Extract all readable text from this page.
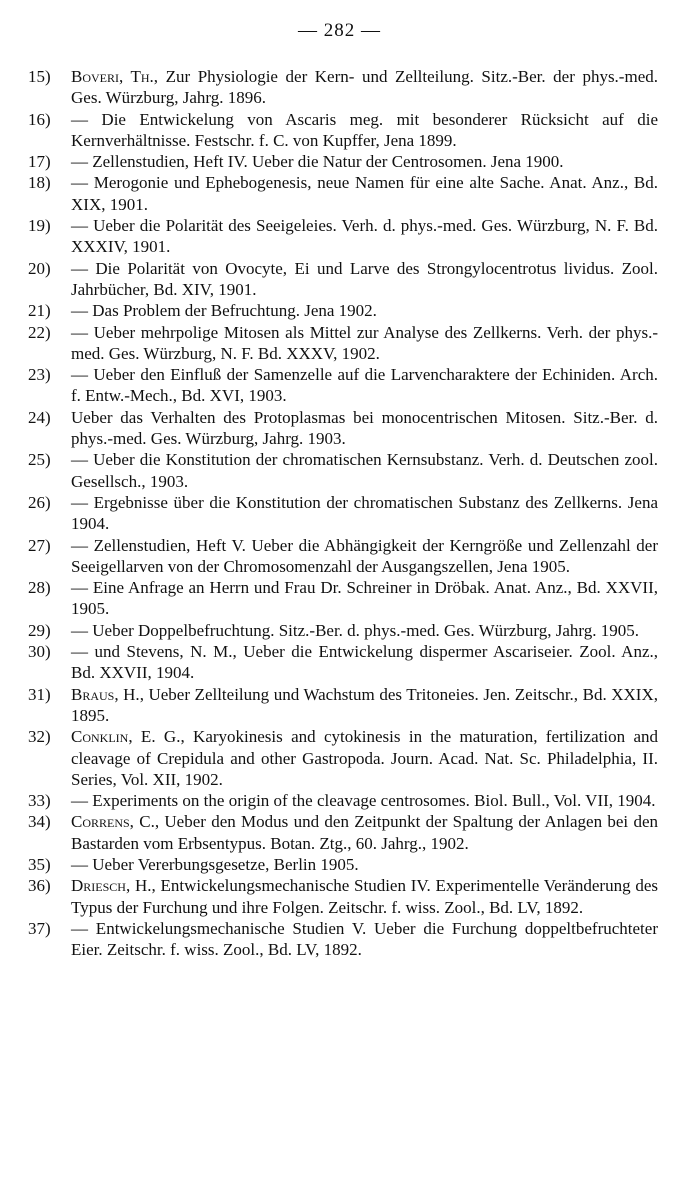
— 282 —
15)	Boveri, Th., Zur Physiologie der Kern- und Zellteilung. Sitz.-Ber. der phys.-med. Ges. Würzburg, Jahrg. 1896.
16)	— Die Entwickelung von Ascaris meg. mit besonderer Rücksicht auf die Kernverhältnisse. Festschr. f. C. von Kupffer, Jena 1899.
17)	— Zellenstudien, Heft IV. Ueber die Natur der Centrosomen. Jena 1900.
18)	— Merogonie und Ephebogenesis, neue Namen für eine alte Sache. Anat. Anz., Bd. XIX, 1901.
19)	— Ueber die Polarität des Seeigeleies. Verh. d. phys.-med. Ges. Würzburg, N. F. Bd. XXXIV, 1901.
20)	— Die Polarität von Ovocyte, Ei und Larve des Strongylocentrotus lividus. Zool. Jahrbücher, Bd. XIV, 1901.
21)	— Das Problem der Befruchtung. Jena 1902.
22)	— Ueber mehrpolige Mitosen als Mittel zur Analyse des Zellkerns. Verh. der phys.-med. Ges. Würzburg, N. F. Bd. XXXV, 1902.
23)	— Ueber den Einfluß der Samenzelle auf die Larvencharaktere der Echiniden. Arch. f. Entw.-Mech., Bd. XVI, 1903.
24)	Ueber das Verhalten des Protoplasmas bei monocentrischen Mitosen. Sitz.-Ber. d. phys.-med. Ges. Würzburg, Jahrg. 1903.
25)	— Ueber die Konstitution der chromatischen Kernsubstanz. Verh. d. Deutschen zool. Gesellsch., 1903.
26)	— Ergebnisse über die Konstitution der chromatischen Substanz des Zellkerns. Jena 1904.
27)	— Zellenstudien, Heft V. Ueber die Abhängigkeit der Kerngröße und Zellenzahl der Seeigellarven von der Chromosomenzahl der Ausgangszellen, Jena 1905.
28)	— Eine Anfrage an Herrn und Frau Dr. Schreiner in Dröbak. Anat. Anz., Bd. XXVII, 1905.
29)	— Ueber Doppelbefruchtung. Sitz.-Ber. d. phys.-med. Ges. Würzburg, Jahrg. 1905.
30)	— und Stevens, N. M., Ueber die Entwickelung dispermer Ascariseier. Zool. Anz., Bd. XXVII, 1904.
31)	Braus, H., Ueber Zellteilung und Wachstum des Tritoneies. Jen. Zeitschr., Bd. XXIX, 1895.
32)	Conklin, E. G., Karyokinesis and cytokinesis in the maturation, fertilization and cleavage of Crepidula and other Gastropoda. Journ. Acad. Nat. Sc. Philadelphia, II. Series, Vol. XII, 1902.
33)	— Experiments on the origin of the cleavage centrosomes. Biol. Bull., Vol. VII, 1904.
34)	Correns, C., Ueber den Modus und den Zeitpunkt der Spaltung der Anlagen bei den Bastarden vom Erbsentypus. Botan. Ztg., 60. Jahrg., 1902.
35)	— Ueber Vererbungsgesetze, Berlin 1905.
36)	Driesch, H., Entwickelungsmechanische Studien IV. Experimentelle Veränderung des Typus der Furchung und ihre Folgen. Zeitschr. f. wiss. Zool., Bd. LV, 1892.
37)	— Entwickelungsmechanische Studien V. Ueber die Furchung doppeltbefruchteter Eier. Zeitschr. f. wiss. Zool., Bd. LV, 1892.
